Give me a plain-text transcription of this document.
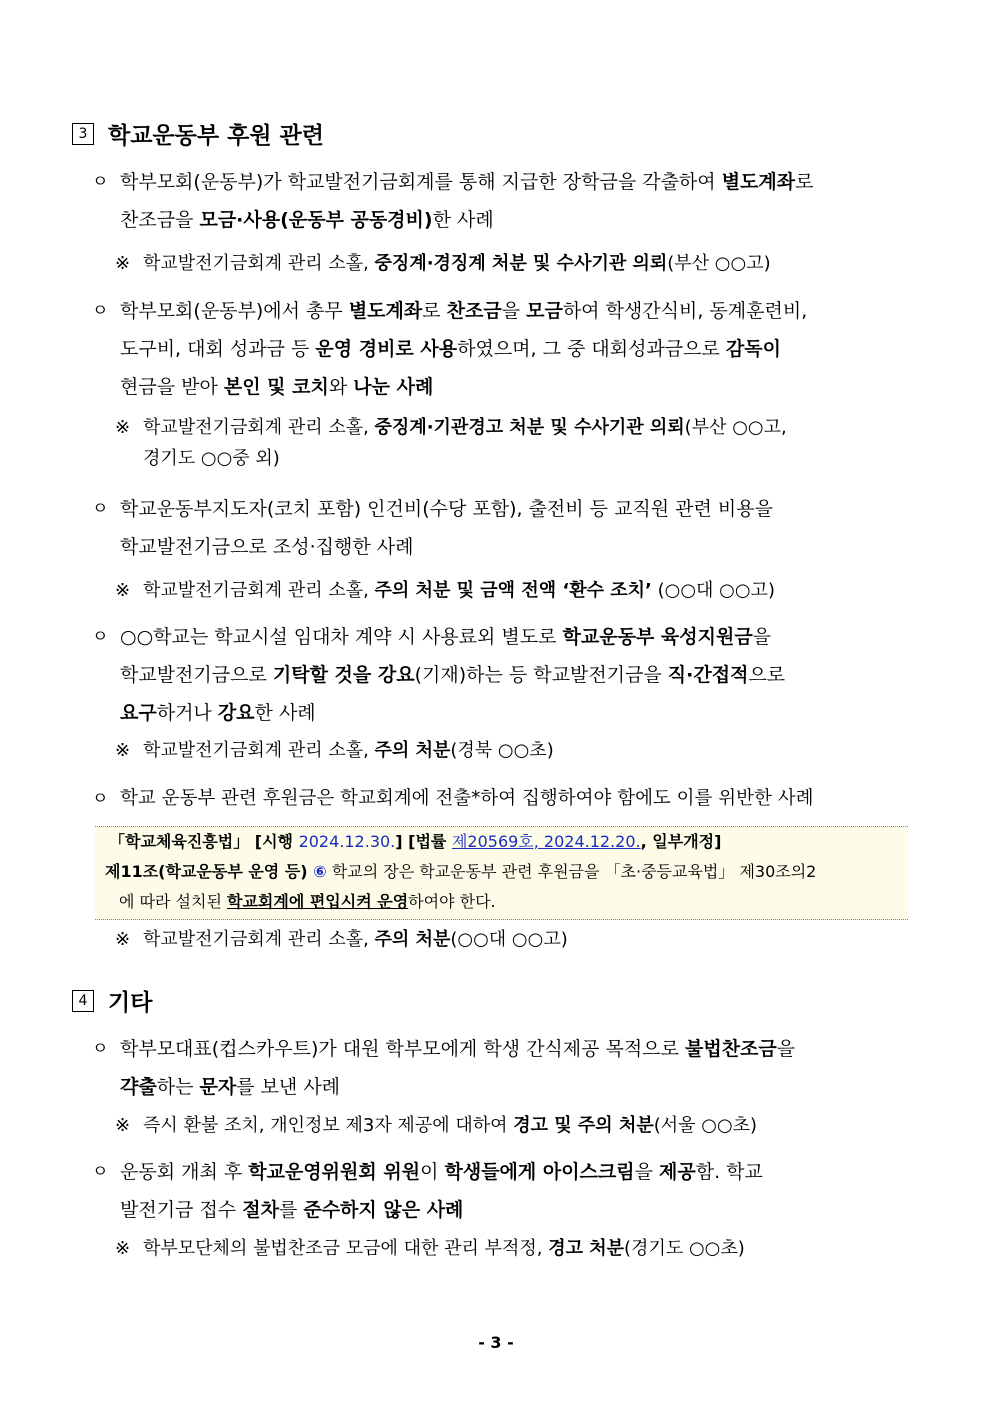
3 학교운동부 후원 관련
ㅇ 학부모회(운동부)가 학교발전기금회계를 통해 지급한 장학금을 각출하여 별도계좌로
찬조금을 모금·사용(운동부 공동경비)한 사례
※ 학교발전기금회계 관리 소홀, 중징계·경징계 처분 및 수사기관 의뢰(부산 ○○고)
ㅇ 학부모회(운동부)에서 총무 별도계좌로 찬조금을 모금하여 학생간식비, 동계훈련비,
도구비, 대회 성과금 등 운영 경비로 사용하였으며, 그 중 대회성과금으로 감독이
현금을 받아 본인 및 코치와 나눈 사례
※ 학교발전기금회계 관리 소홀, 중징계·기관경고 처분 및 수사기관 의뢰(부산 ○○고,
경기도 ○○중 외)
ㅇ 학교운동부지도자(코치 포함) 인건비(수당 포함), 출전비 등 교직원 관련 비용을
학교발전기금으로 조성·집행한 사례
※ 학교발전기금회계 관리 소홀, 주의 처분 및 금액 전액 ‘환수 조치’ (○○대 ○○고)
ㅇ ○○학교는 학교시설 임대차 계약 시 사용료외 별도로 학교운동부 육성지원금을
학교발전기금으로 기탁할 것을 강요(기재)하는 등 학교발전기금을 직·간접적으로
요구하거나 강요한 사례
※ 학교발전기금회계 관리 소홀, 주의 처분(경북 ○○초)
ㅇ 학교 운동부 관련 후원금은 학교회계에 전출*하여 집행하여야 함에도 이를 위반한 사례
「학교체육진흥법」 [시행 2024.12.30.] [법률 제20569호, 2024.12.20., 일부개정]
제11조(학교운동부 운영 등) ⑥ 학교의 장은 학교운동부 관련 후원금을 「초·중등교육법」 제30조의2
에 따라 설치된 학교회계에 편입시켜 운영하여야 한다.
※ 학교발전기금회계 관리 소홀, 주의 처분(○○대 ○○고)
4 기타
ㅇ 학부모대표(컵스카우트)가 대원 학부모에게 학생 간식제공 목적으로 불법찬조금을
갹출하는 문자를 보낸 사례
※ 즉시 환불 조치, 개인정보 제3자 제공에 대하여 경고 및 주의 처분(서울 ○○초)
ㅇ 운동회 개최 후 학교운영위원회 위원이 학생들에게 아이스크림을 제공함. 학교
발전기금 접수 절차를 준수하지 않은 사례
※ 학부모단체의 불법찬조금 모금에 대한 관리 부적정, 경고 처분(경기도 ○○초)
- 3 -
